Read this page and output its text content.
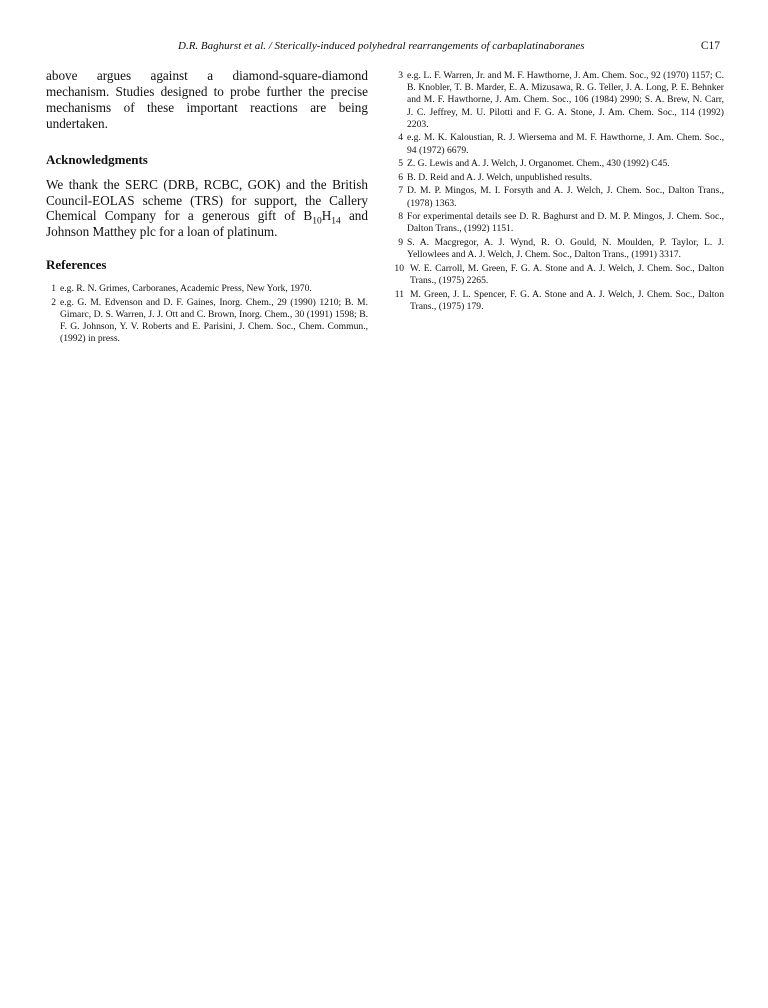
D.R. Baghurst et al. / Sterically-induced polyhedral rearrangements of carbaplatinaboranes	C17

above argues against a diamond-square-diamond mechanism. Studies designed to probe further the precise mechanisms of these important reactions are being undertaken.

Acknowledgments

We thank the SERC (DRB, RCBC, GOK) and the British Council-EOLAS scheme (TRS) for support, the Callery Chemical Company for a generous gift of $B_{10}H_{14}$ and Johnson Matthey plc for a loan of platinum.

References
1 e.g. R. N. Grimes, Carboranes, Academic Press, New York, 1970.
2 e.g. G. M. Edvenson and D. F. Gaines, Inorg. Chem., 29 (1990) 1210; B. M. Gimarc, D. S. Warren, J. J. Ott and C. Brown, Inorg. Chem., 30 (1991) 1598; B. F. G. Johnson, Y. V. Roberts and E. Parisini, J. Chem. Soc., Chem. Commun., (1992) in press.
3 e.g. L. F. Warren, Jr. and M. F. Hawthorne, J. Am. Chem. Soc., 92 (1970) 1157; C. B. Knobler, T. B. Marder, E. A. Mizusawa, R. G. Teller, J. A. Long, P. E. Behnker and M. F. Hawthorne, J. Am. Chem. Soc., 106 (1984) 2990; S. A. Brew, N. Carr, J. C. Jeffrey, M. U. Pilotti and F. G. A. Stone, J. Am. Chem. Soc., 114 (1992) 2203.
4 e.g. M. K. Kaloustian, R. J. Wiersema and M. F. Hawthorne, J. Am. Chem. Soc., 94 (1972) 6679.
5 Z. G. Lewis and A. J. Welch, J. Organomet. Chem., 430 (1992) C45.
6 B. D. Reid and A. J. Welch, unpublished results.
7 D. M. P. Mingos, M. I. Forsyth and A. J. Welch, J. Chem. Soc., Dalton Trans., (1978) 1363.
8 For experimental details see D. R. Baghurst and D. M. P. Mingos, J. Chem. Soc., Dalton Trans., (1992) 1151.
9 S. A. Macgregor, A. J. Wynd, R. O. Gould, N. Moulden, P. Taylor, L. J. Yellowlees and A. J. Welch, J. Chem. Soc., Dalton Trans., (1991) 3317.
10 W. E. Carroll, M. Green, F. G. A. Stone and A. J. Welch, J. Chem. Soc., Dalton Trans., (1975) 2265.
11 M. Green, J. L. Spencer, F. G. A. Stone and A. J. Welch, J. Chem. Soc., Dalton Trans., (1975) 179.
